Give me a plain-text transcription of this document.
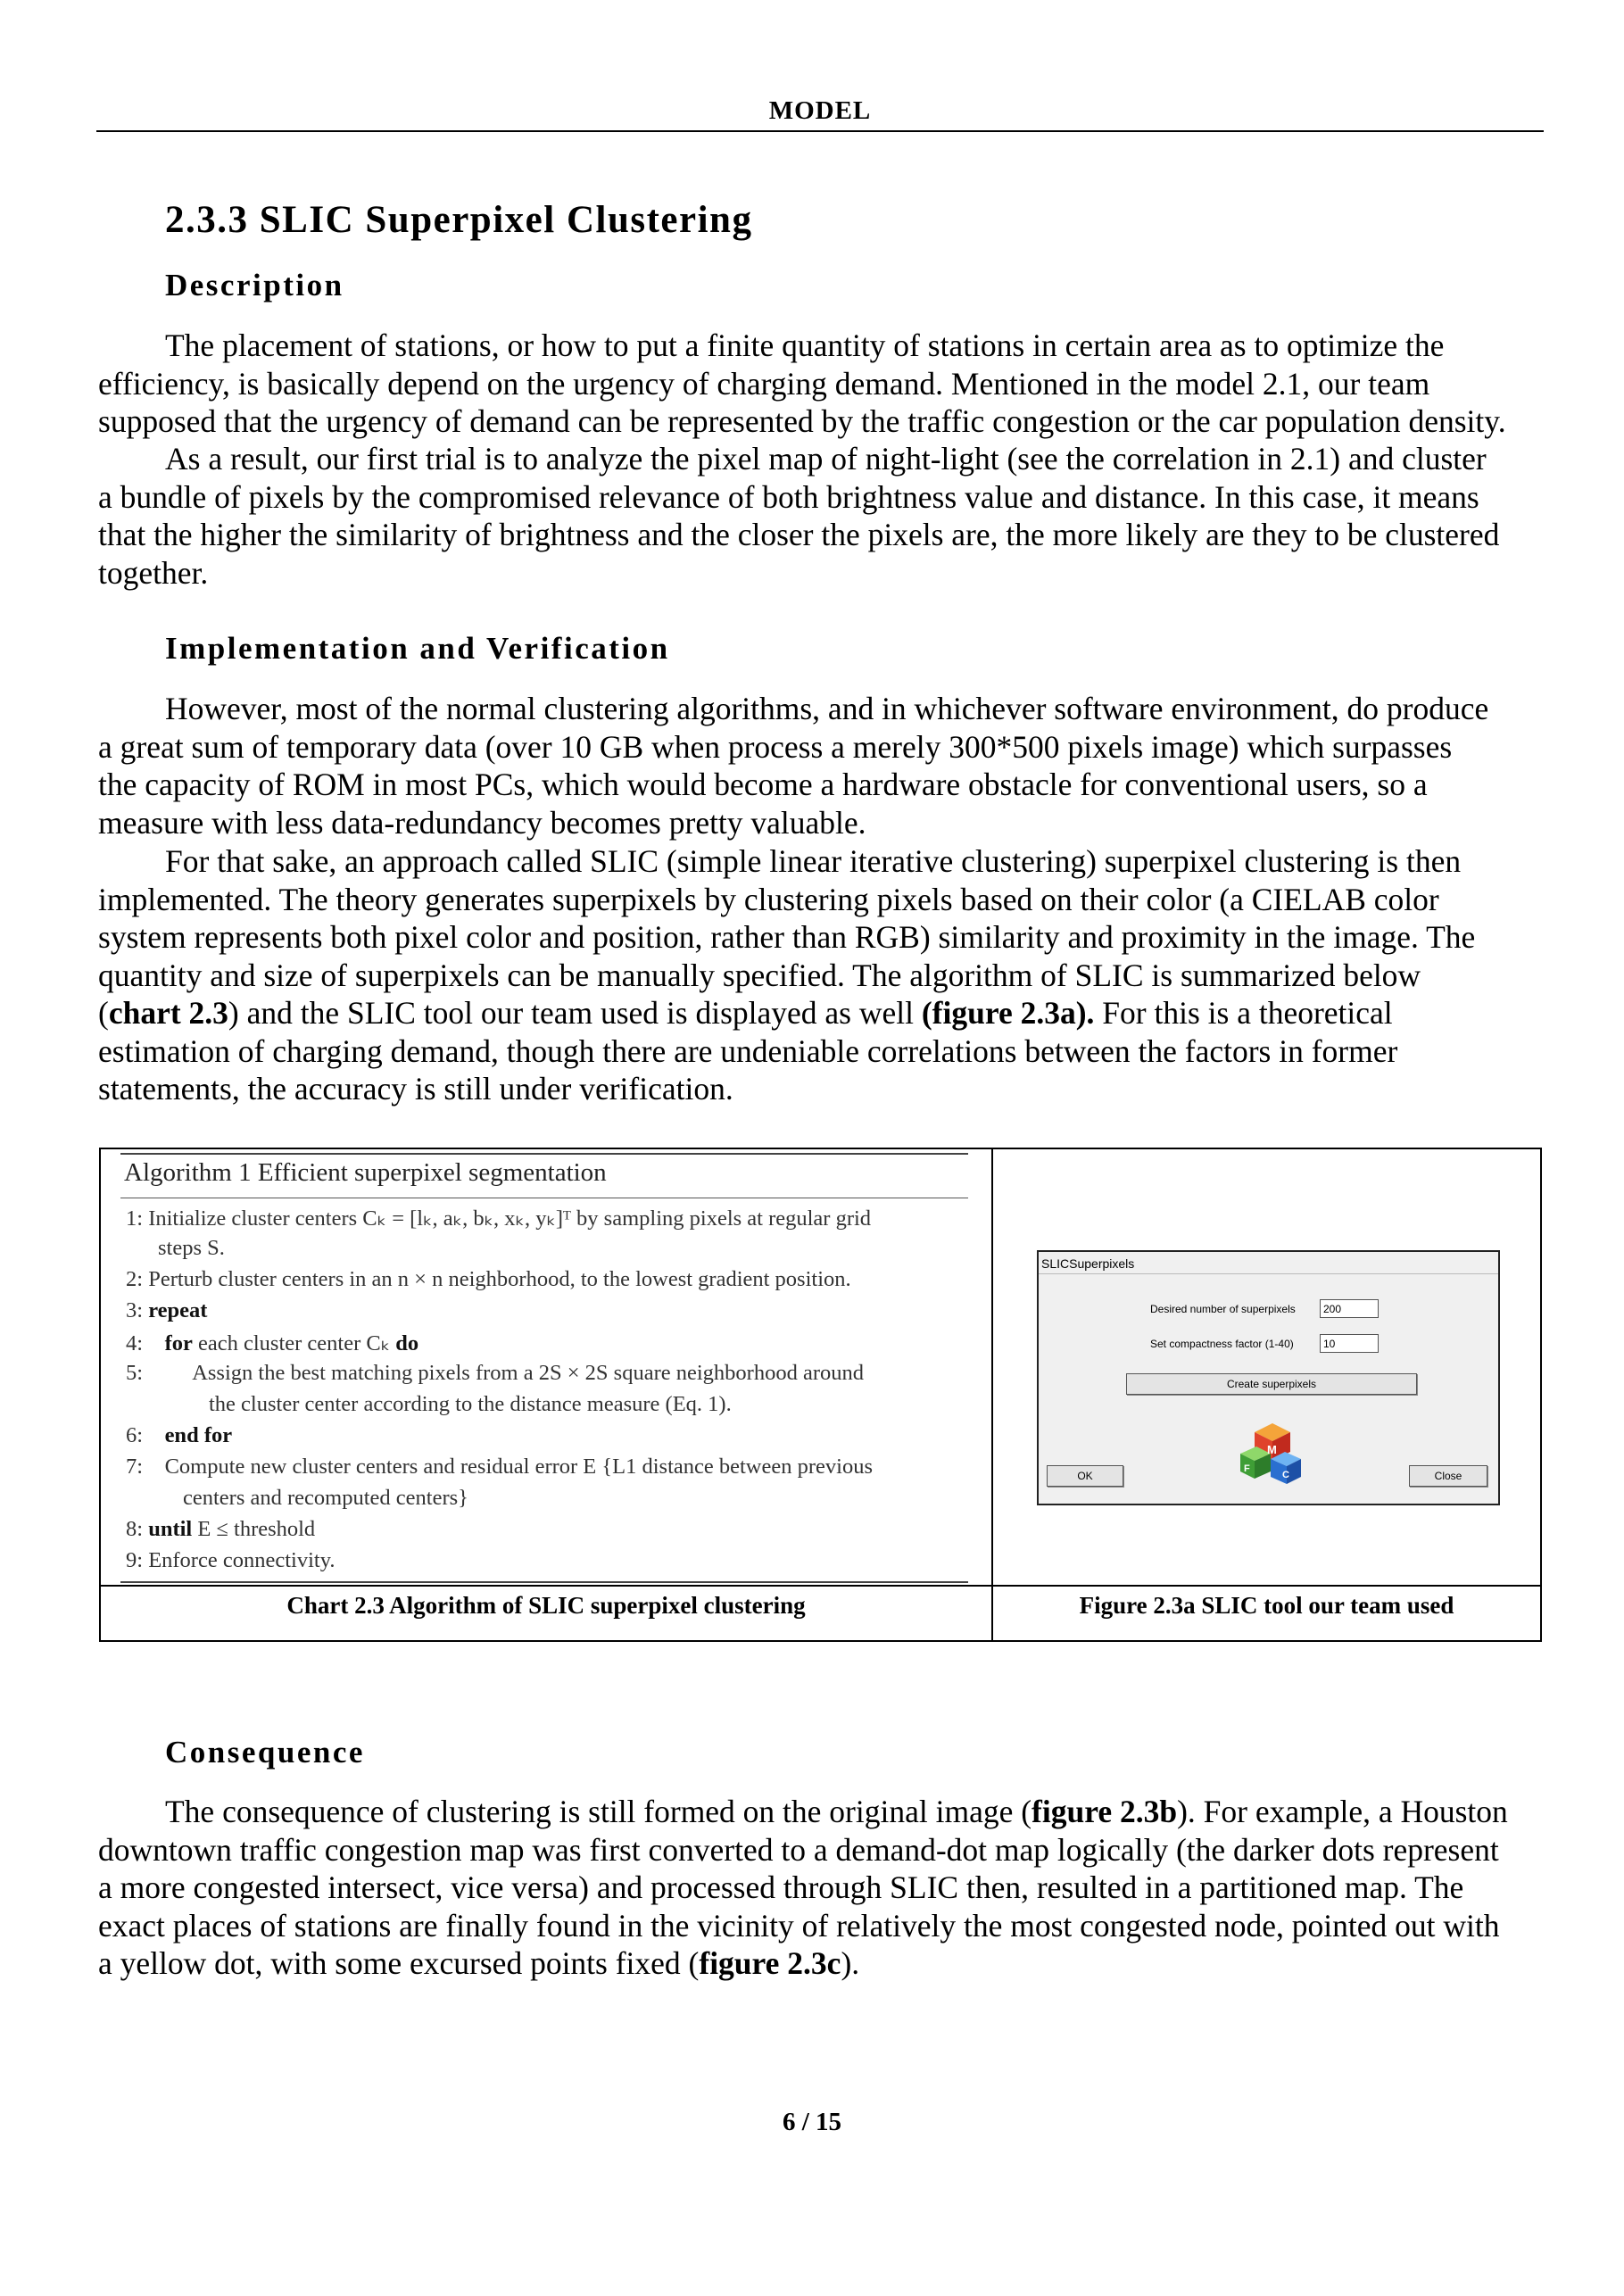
MODEL
2.3.3 SLIC Superpixel Clustering
Description
The placement of stations, or how to put a finite quantity of stations in certain area as to optimize the
efficiency, is basically depend on the urgency of charging demand. Mentioned in the model 2.1, our team
supposed that the urgency of demand can be represented by the traffic congestion or the car population density.
As a result, our first trial is to analyze the pixel map of night-light (see the correlation in 2.1) and cluster
a bundle of pixels by the compromised relevance of both brightness value and distance. In this case, it means
that the higher the similarity of brightness and the closer the pixels are, the more likely are they to be clustered
together.
Implementation and Verification
However, most of the normal clustering algorithms, and in whichever software environment, do produce
a great sum of temporary data (over 10 GB when process a merely 300*500 pixels image) which surpasses
the capacity of ROM in most PCs, which would become a hardware obstacle for conventional users, so a
measure with less data-redundancy becomes pretty valuable.
For that sake, an approach called SLIC (simple linear iterative clustering) superpixel clustering is then
implemented. The theory generates superpixels by clustering pixels based on their color (a CIELAB color
system represents both pixel color and position, rather than RGB) similarity and proximity in the image. The
quantity and size of superpixels can be manually specified. The algorithm of SLIC is summarized below
(chart 2.3) and the SLIC tool our team used is displayed as well (figure 2.3a). For this is a theoretical
estimation of charging demand, though there are undeniable correlations between the factors in former
statements, the accuracy is still under verification.
Algorithm 1 Efficient superpixel segmentation
1: Initialize cluster centers Cₖ = [lₖ, aₖ, bₖ, xₖ, yₖ]ᵀ by sampling pixels at regular grid
steps S.
2: Perturb cluster centers in an n × n neighborhood, to the lowest gradient position.
3: repeat
4: for each cluster center Cₖ do
5: Assign the best matching pixels from a 2S × 2S square neighborhood around
the cluster center according to the distance measure (Eq. 1).
6: end for
7: Compute new cluster centers and residual error E {L1 distance between previous
centers and recomputed centers}
8: until E ≤ threshold
9: Enforce connectivity.
SLICSuperpixels
Desired number of superpixels
200
Set compactness factor (1-40)
10
Create superpixels
M
F
C
OK	Close
Chart 2.3 Algorithm of SLIC superpixel clustering	Figure 2.3a SLIC tool our team used
Consequence
The consequence of clustering is still formed on the original image (figure 2.3b). For example, a Houston
downtown traffic congestion map was first converted to a demand-dot map logically (the darker dots represent
a more congested intersect, vice versa) and processed through SLIC then, resulted in a partitioned map. The
exact places of stations are finally found in the vicinity of relatively the most congested node, pointed out with
a yellow dot, with some excursed points fixed (figure 2.3c).
6 / 15
